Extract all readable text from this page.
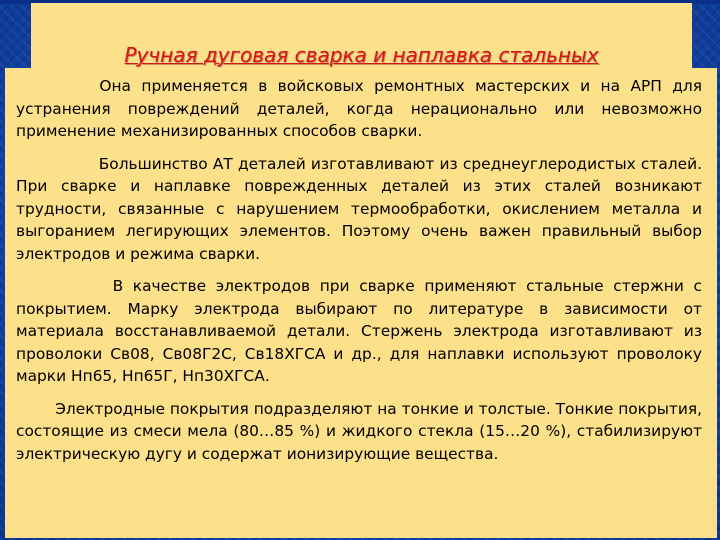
Ручная дуговая сварка и наплавка стальных

Она применяется в войсковых ремонтных мастерских и на АРП для устранения повреждений деталей, когда нерационально или невозможно применение механизированных способов сварки.

Большинство АТ деталей изготавливают из среднеуглеродистых сталей. При сварке и наплавке поврежденных деталей из этих сталей возникают трудности, связанные с нарушением термообработки, окислением металла и выгоранием легирующих элементов. Поэтому очень важен правильный выбор электродов и режима сварки.

В качестве электродов при сварке применяют стальные стержни с покрытием. Марку электрода выбирают по литературе в зависимости от материала восстанавливаемой детали. Стержень электрода изготавливают из проволоки Св08, Св08Г2С, Св18ХГСА и др., для наплавки используют проволоку марки Нп65, Нп65Г, Нп30ХГСА.

Электродные покрытия подразделяют на тонкие и толстые. Тонкие покрытия, состоящие из смеси мела (80…85 %) и жидкого стекла (15…20 %), стабилизируют электрическую дугу и содержат ионизирующие вещества.
